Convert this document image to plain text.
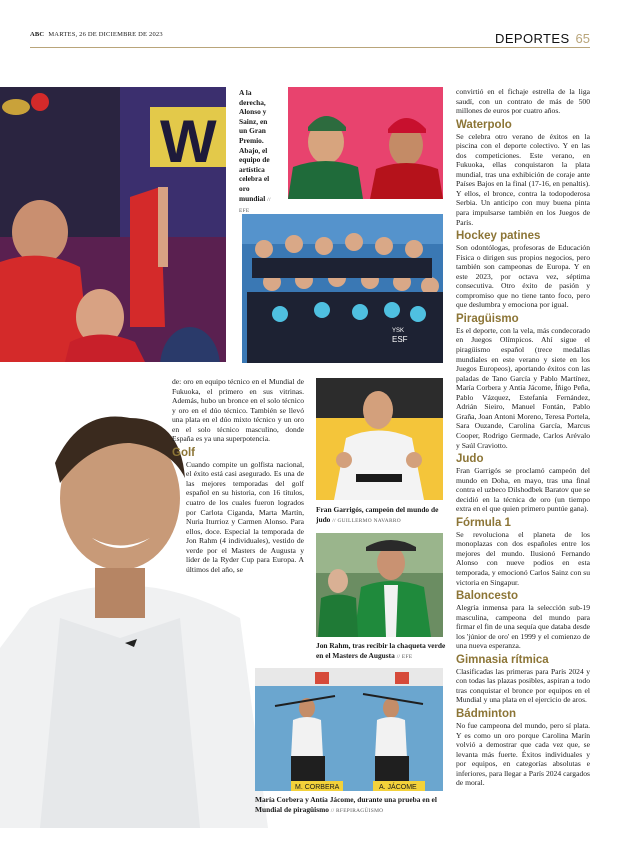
ABC MARTES, 26 DE DICIEMBRE DE 2023	DEPORTES 65
W
A la derecha, Alonso y Sainz, en un Gran Premio. Abajo, el equipo de artística celebra el oro mundial // EFE
ESF
YSK

de: oro en equipo técnico en el Mundial de Fukuoka, el primero en sus vitrinas. Además, hubo un bronce en el solo técnico y oro en el dúo técnico. También se llevó una plata en el dúo mixto técnico y un oro en el solo técnico masculino, donde España es ya una superpotencia.

Golf

Cuando compite un golfista nacional, el éxito está casi asegurado. Es una de las mejores temporadas del golf español en su historia, con 16 títulos, cuatro de los cuales fueron logrados por Carlota Ciganda, Marta Martín, Nuria Iturrioz y Carmen Alonso. Para ellos, doce. Especial la temporada de Jon Rahm (4 individuales), vestido de verde por el Masters de Augusta y líder de la Ryder Cup para Europa. A últimos del año, se

Fran Garrigós, campeón del mundo de judo // GUILLERMO NAVARRO
Jon Rahm, tras recibir la chaqueta verde en el Masters de Augusta // EFE
M. CORBERA	A. JÁCOME
María Corbera y Antía Jácome, durante una prueba en el Mundial de piragüismo // RFEPIRAGÜISMO

convirtió en el fichaje estrella de la liga saudí, con un contrato de más de 500 millones de euros por cuatro años.

Waterpolo

Se celebra otro verano de éxitos en la piscina con el deporte colectivo. Y en las dos competiciones. Este verano, en Fukuoka, ellas conquistaron la plata mundial, tras una exhibición de coraje ante Países Bajos en la final (17-16, en penaltis). Y ellos, el bronce, contra la todopoderosa Serbia. Un anticipo con muy buena pinta para impulsarse también en los Juegos de París.

Hockey patines

Son odontólogas, profesoras de Educación Física o dirigen sus propios negocios, pero también son campeonas de Europa. Y en este 2023, por octava vez, séptima consecutiva. Otro éxito de pasión y compromiso que no tiene tanto foco, pero que deslumbra y emociona por igual.

Piragüismo

Es el deporte, con la vela, más condecorado en Juegos Olímpicos. Ahí sigue el piragüismo español (trece medallas mundiales en este verano y siete en los Juegos Europeos), aportando éxitos con las paladas de Tano García y Pablo Martínez, María Corbera y Antía Jácome, Íñigo Peña, Pablo Vázquez, Estefanía Fernández, Adrián Sieiro, Manuel Fontán, Pablo Graña, Joan Antoni Moreno, Teresa Portela, Sara Ouzande, Carolina García, Marcus Cooper, Rodrigo Germade, Carlos Arévalo y Saúl Craviotto.

Judo

Fran Garrigós se proclamó campeón del mundo en Doha, en mayo, tras una final contra el uzbeco Dilshodbek Baratov que se decidió en la técnica de oro (un tiempo extra en el que quien primero puntúe gana).

Fórmula 1

Se revoluciona el planeta de los monoplazas con dos españoles entre los mejores del mundo. Ilusionó Fernando Alonso con nueve podios en esta temporada, y emocionó Carlos Sainz con su victoria en Singapur.

Baloncesto

Alegría inmensa para la selección sub-19 masculina, campeona del mundo para firmar el fin de una sequía que databa desde los 'júnior de oro' en 1999 y el comienzo de una nueva esperanza.

Gimnasia rítmica

Clasificadas las primeras para París 2024 y con todas las plazas posibles, aspiran a todo tras conquistar el bronce por equipos en el Mundial y una plata en el ejercicio de aros.

Bádminton

No fue campeona del mundo, pero sí plata. Y es como un oro porque Carolina Marín volvió a demostrar que cada vez que, se levanta más fuerte. Éxitos individuales y por equipos, en categorías absolutas e inferiores, para llegar a París 2024 cargados de moral.
